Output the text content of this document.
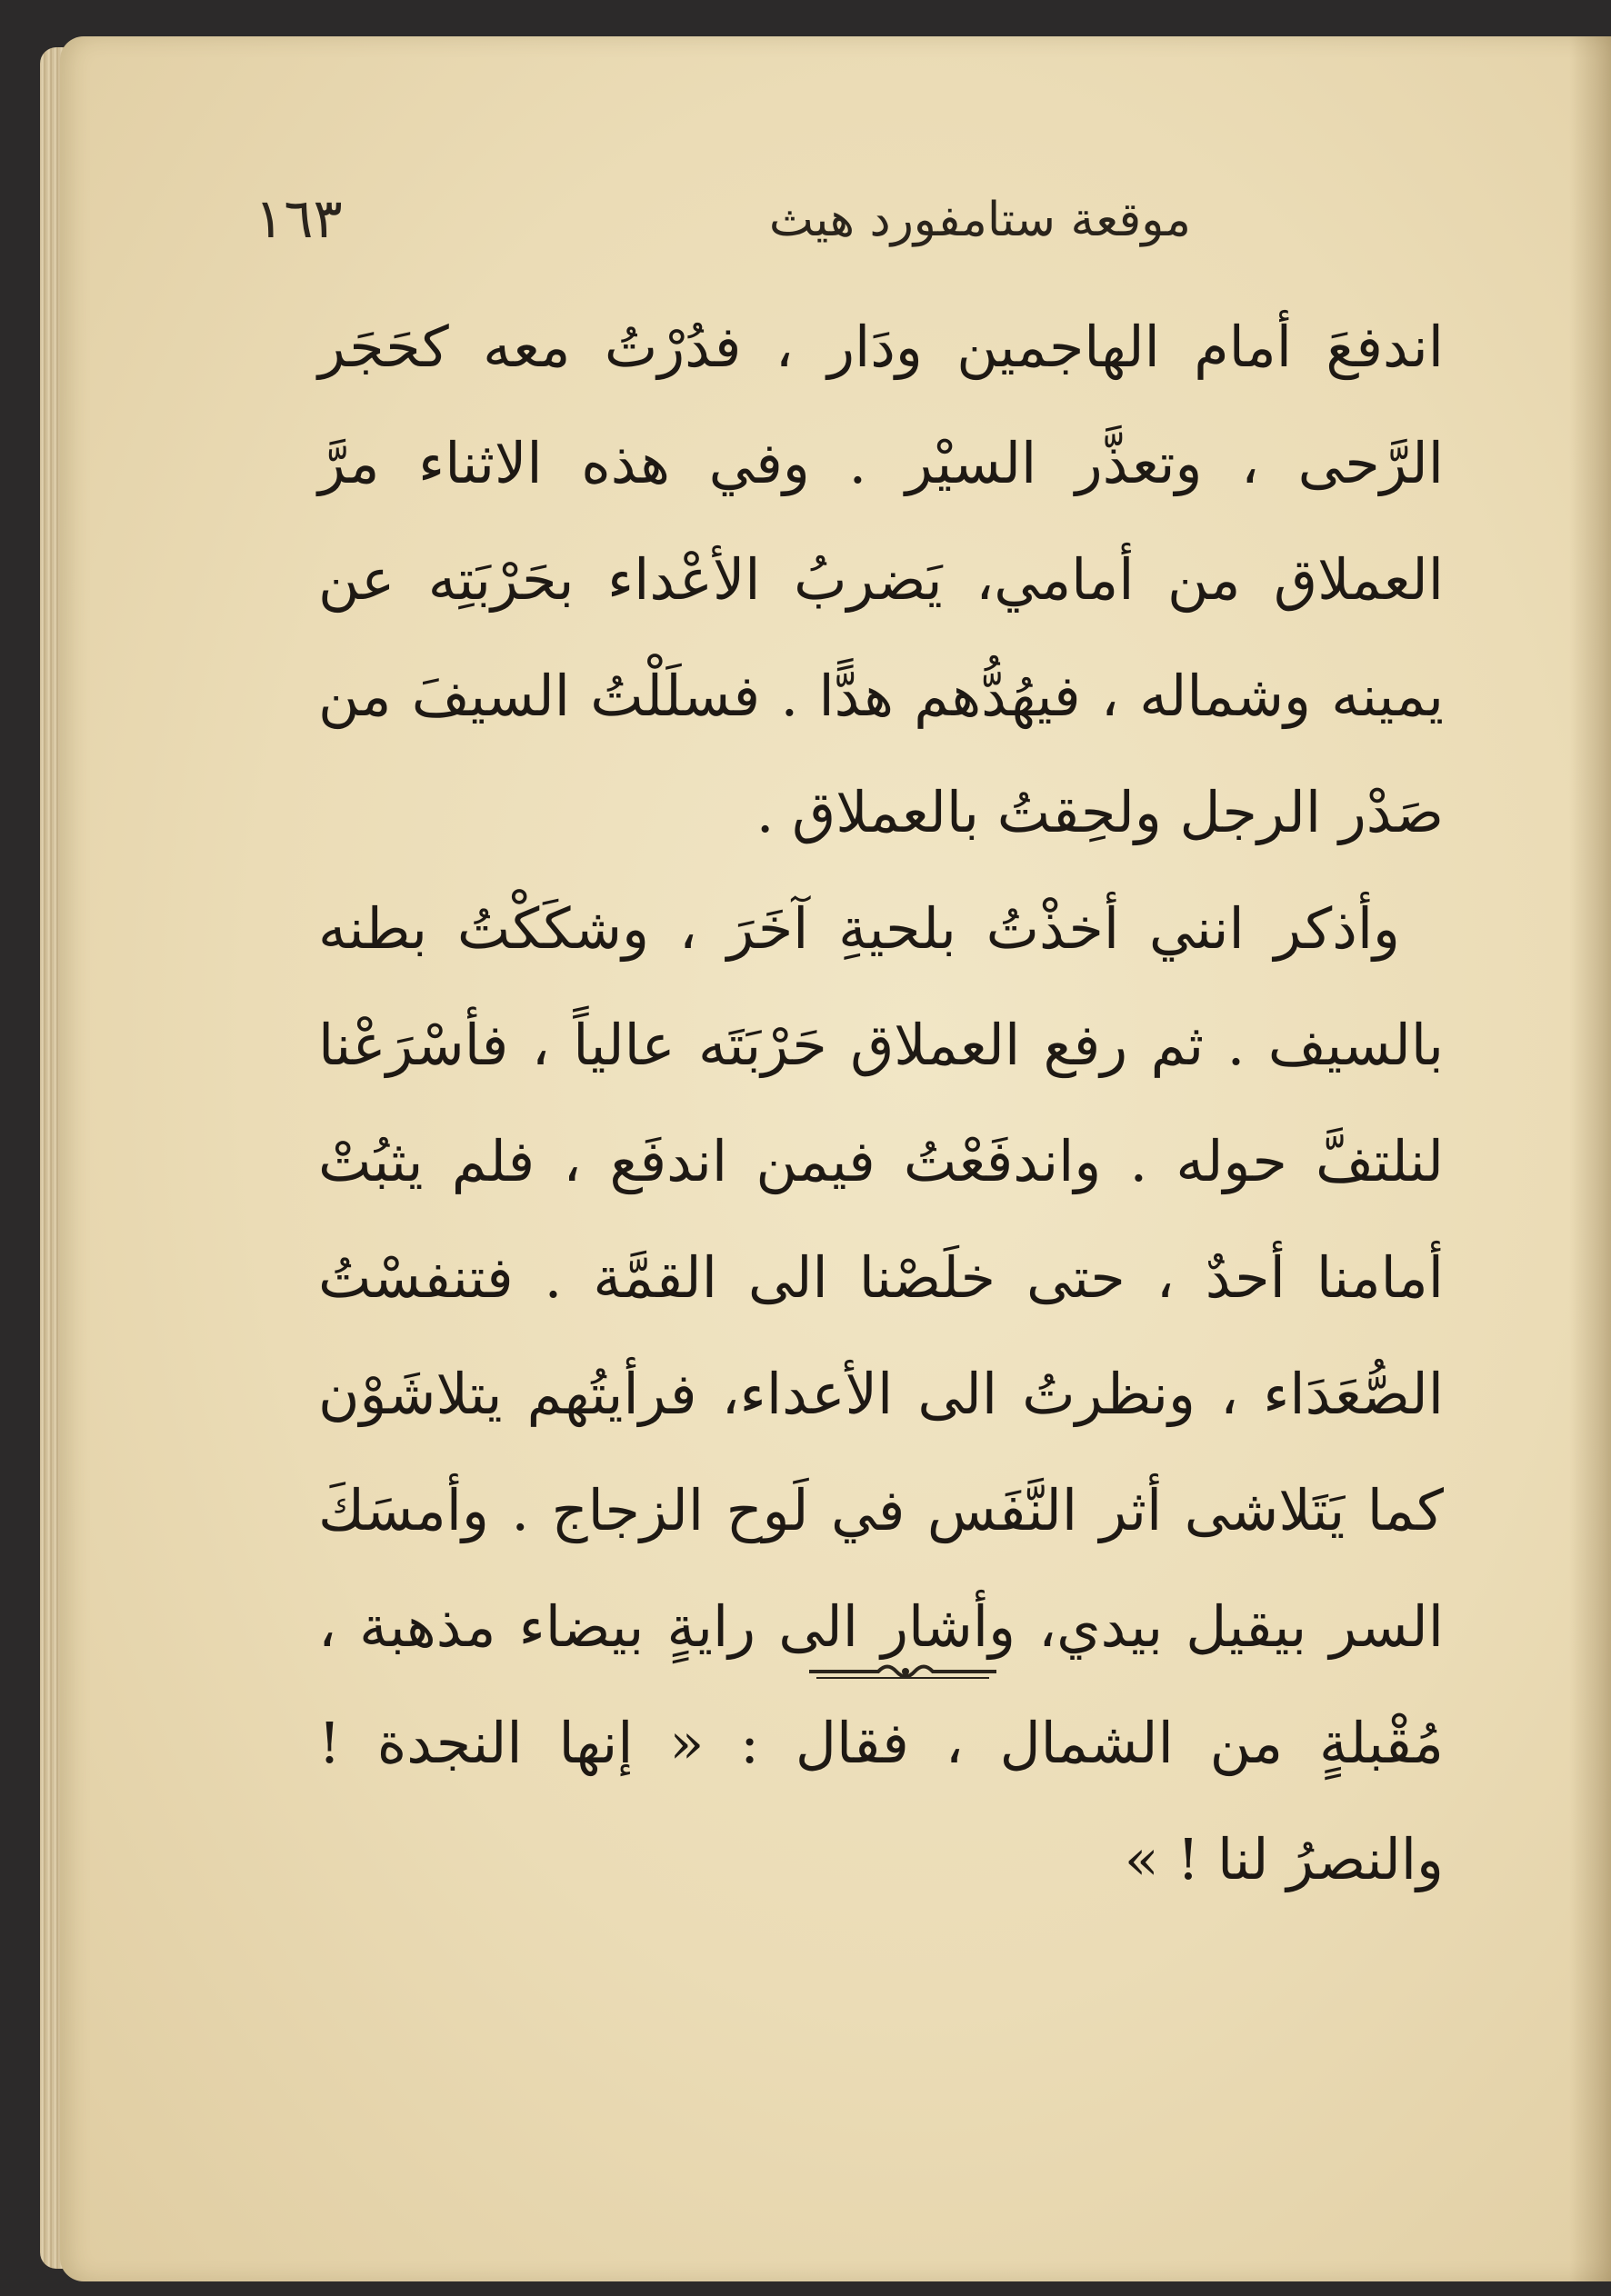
موقعة ستامفورد هيث
١٦٣

اندفعَ أمام الهاجمين ودَار ، فدُرْتُ معه كحَجَر الرَّحى ، وتعذَّر السيْر . وفي هذه الاثناء مرَّ العملاق من أمامي، يَضربُ الأعْداء بحَرْبَتِه عن يمينه وشماله ، فيهُدُّهم هدًّا . فسلَلْتُ السيفَ من صَدْر الرجل ولحِقتُ بالعملاق .

وأذكر انني أخذْتُ بلحيةِ آخَرَ ، وشكَكْتُ بطنه بالسيف . ثم رفع العملاق حَرْبَتَه عالياً ، فأسْرَعْنا لنلتفَّ حوله . واندفَعْتُ فيمن اندفَع ، فلم يثبُتْ أمامنا أحدٌ ، حتى خلَصْنا الى القمَّة . فتنفسْتُ الصُّعَدَاء ، ونظرتُ الى الأعداء، فرأيتُهم يتلاشَوْن كما يَتَلاشى أثر النَّفَس في لَوح الزجاج . وأمسَكَ السر بيقيل بيدي، وأشار الى رايةٍ بيضاء مذهبة ، مُقْبلةٍ من الشمال ، فقال : « إنها النجدة ! والنصرُ لنا ! »
